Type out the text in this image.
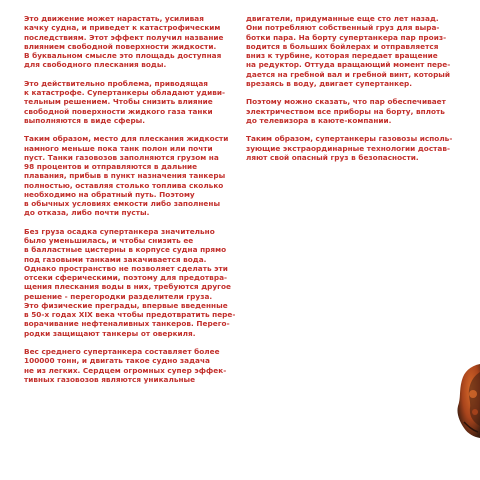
Это движение может нарастать, усиливая
качку судна, и приведет к катастрофическим
последствиям. Этот эффект получил название
влиянием свободной поверхности жидкости.
В буквальном смысле это площадь доступная
для свободного плескания воды.

Это действительно проблема, приводящая
к катастрофе. Супертанкеры обладают удиви-
тельным решением. Чтобы снизить влияние
свободной поверхности жидкого газа танки
выполняются в виде сферы.

Таким образом, место для плескания жидкости
намного меньше пока танк полон или почти
пуст. Танки газовозов заполняются грузом на
98 процентов и отправляются в дальние
плавания, прибыв в пункт назначения танкеры
полностью, оставляя столько топлива сколько
необходимо на обратный путь. Поэтому
в обычных условиях емкости либо заполнены
до отказа, либо почти пусты.

Без груза осадка супертанкера значительно
было уменьшилась, и чтобы снизить ее
в балластные цистерны в корпусе судна прямо
под газовыми танками закачивается вода.
Однако пространство не позволяет сделать эти
отсеки сферическими, поэтому для предотвра-
щения плескания воды в них, требуются другое
решение - перегородки разделители груза.
Это физические преграды, впервые введенные
в 50-х годах XIX века чтобы предотвратить пере-
ворачивание нефтеналивных танкеров. Перего-
родки защищают танкеры от оверкиля.

Вес среднего супертанкера составляет более
100000 тонн, и двигать такое судно задача
не из легких. Сердцем огромных супер эффек-
тивных газовозов являются уникальные

двигатели, придуманные еще сто лет назад.
Они потребляют собственный груз для выра-
ботки пара. На борту супертанкера пар произ-
водится в больших бойлерах и отправляется
вниз к турбине, которая передает вращение
на редуктор. Оттуда вращающий момент пере-
дается на гребной вал и гребной винт, который
врезаясь в воду, двигает супертанкер.

Поэтому можно сказать, что пар обеспечивает
электричеством все приборы на борту, вплоть
до телевизора в каюте-компании.

Таким образом, супертанкеры газовозы исполь-
зующие экстраординарные технологии достав-
ляют свой опасный груз в безопасности.
